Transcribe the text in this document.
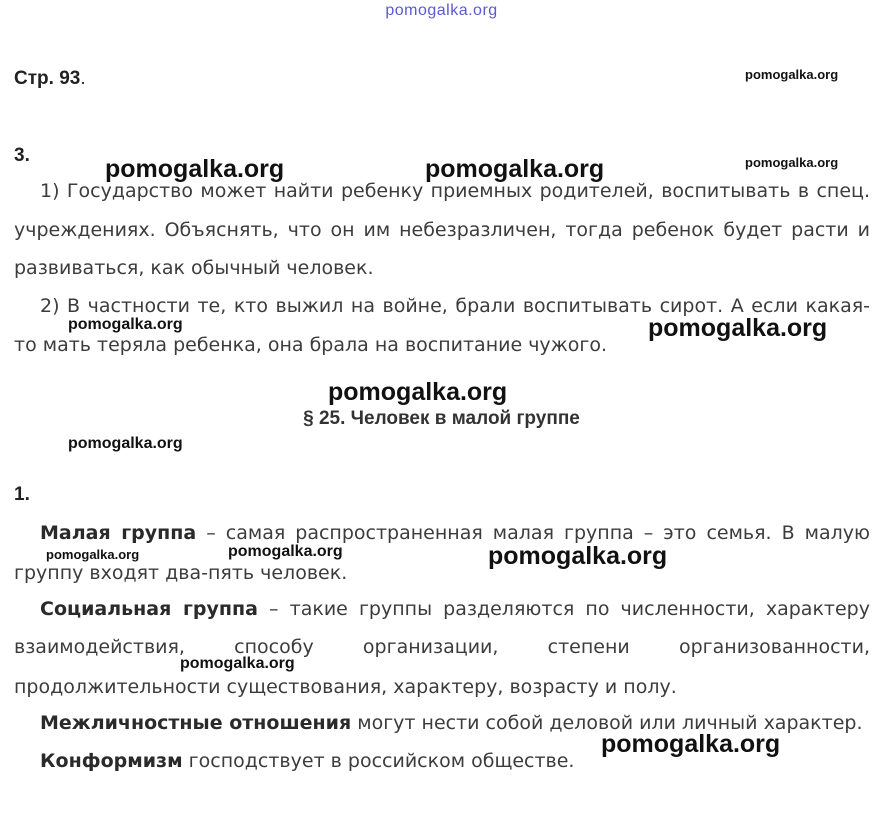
pomogalka.org
Стр. 93.	pomogalka.org
3.	pomogalka.org	pomogalka.org	pomogalka.org
1) Государство может найти ребенку приемных родителей, воспитывать в спец.
учреждениях. Объяснять, что он им небезразличен, тогда ребенок будет расти и
развиваться, как обычный человек.
2) В частности те, кто выжил на войне, брали воспитывать сирот. А если какая-
pomogalka.org	pomogalka.org
то мать теряла ребенка, она брала на воспитание чужого.
pomogalka.org
§ 25. Человек в малой группе
pomogalka.org
1.
Малая группа – самая распространенная малая группа – это семья. В малую
pomogalka.org	pomogalka.org	pomogalka.org
группу входят два-пять человек.
Социальная группа – такие группы разделяются по численности, характеру
взаимодействия, способу организации, степени организованности,
pomogalka.org
продолжительности существования, характеру, возрасту и полу.
Межличностные отношения могут нести собой деловой или личный характер.
pomogalka.org
Конформизм господствует в российском обществе.
